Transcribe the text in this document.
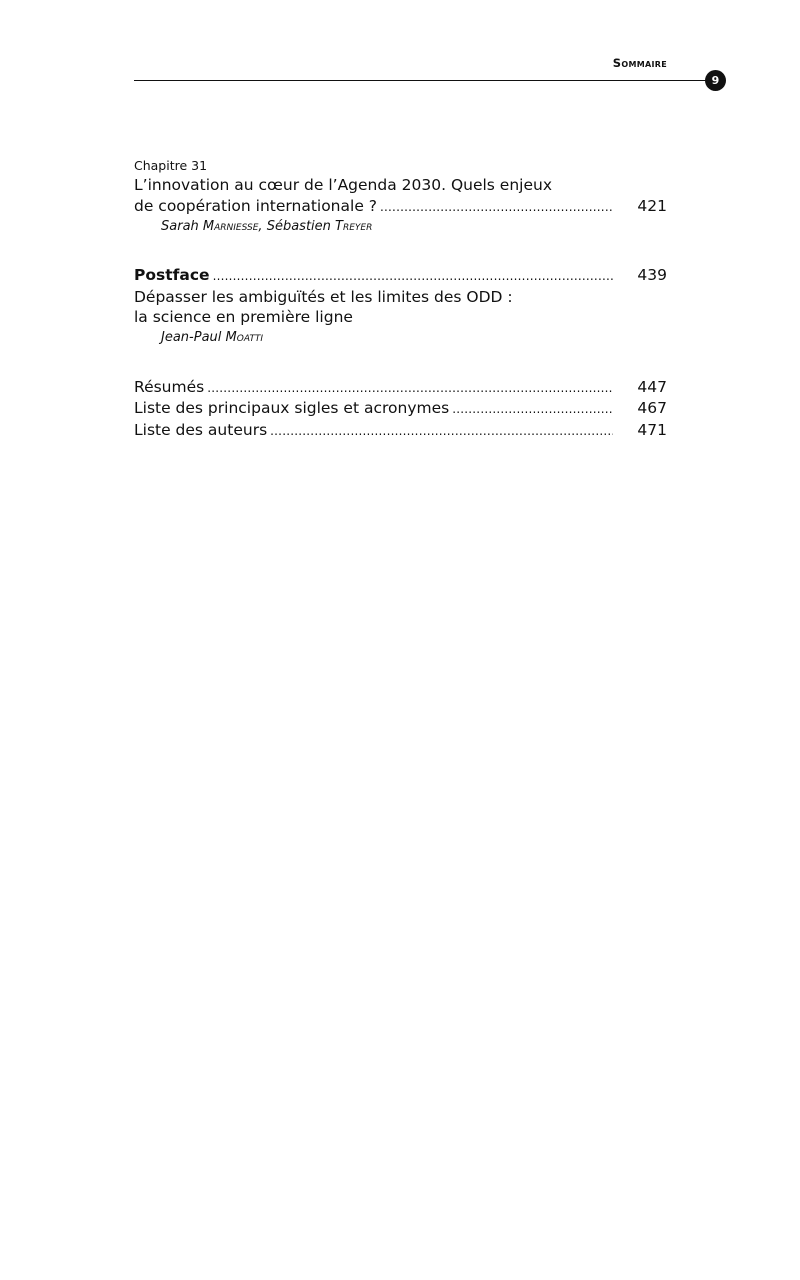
Sommaire
9
Chapitre 31
L’innovation au cœur de l’Agenda 2030. Quels enjeux
de coopération internationale ? .....	421
Sarah Marniesse, Sébastien Treyer
Postface .....	439
Dépasser les ambiguïtés et les limites des ODD :
la science en première ligne
Jean-Paul Moatti
Résumés .....	447
Liste des principaux sigles et acronymes .....	467
Liste des auteurs .....	471
